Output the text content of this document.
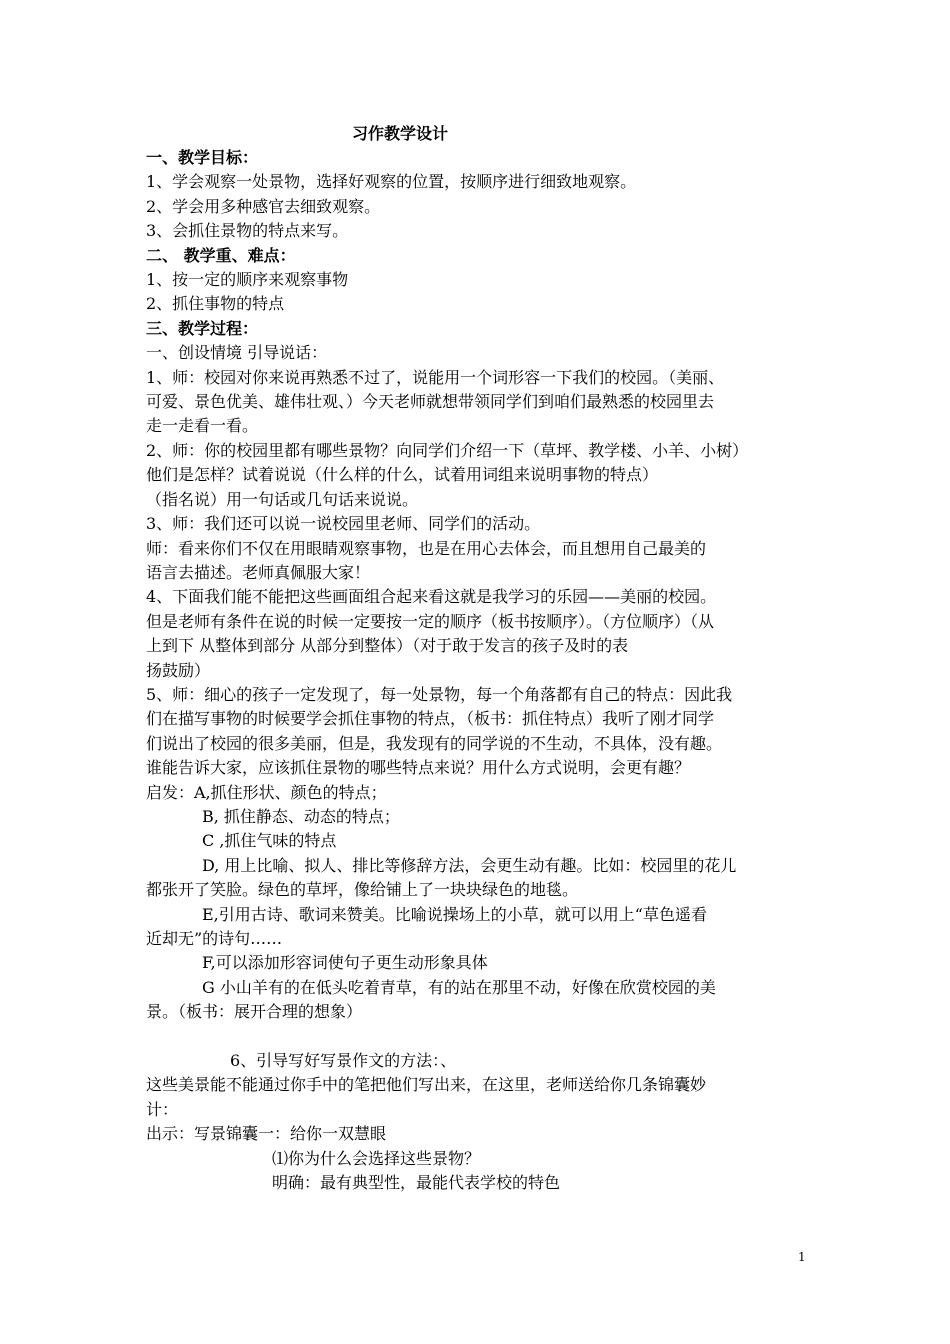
习作教学设计
一、教学目标：
1、学会观察一处景物，选择好观察的位置，按顺序进行细致地观察。
2、学会用多种感官去细致观察。
3、会抓住景物的特点来写。
二、 教学重、难点：
1、按一定的顺序来观察事物
2、抓住事物的特点
三、教学过程：
一、创设情境 引导说话：
1、师：校园对你来说再熟悉不过了，说能用一个词形容一下我们的校园。（美丽、
可爱、景色优美、雄伟壮观、）今天老师就想带领同学们到咱们最熟悉的校园里去
走一走看一看。
2、师：你的校园里都有哪些景物？向同学们介绍一下（草坪、教学楼、小羊、小树）
他们是怎样？试着说说（什么样的什么，试着用词组来说明事物的特点）
（指名说）用一句话或几句话来说说。
3、师：我们还可以说一说校园里老师、同学们的活动。
师：看来你们不仅在用眼睛观察事物，也是在用心去体会，而且想用自己最美的
语言去描述。老师真佩服大家！
4、下面我们能不能把这些画面组合起来看这就是我学习的乐园——美丽的校园。
但是老师有条件在说的时候一定要按一定的顺序（板书按顺序）。（方位顺序）（从
上到下 从整体到部分 从部分到整体）（对于敢于发言的孩子及时的表
扬鼓励）
5、师：细心的孩子一定发现了，每一处景物，每一个角落都有自己的特点：因此我
们在描写事物的时候要学会抓住事物的特点，（板书：抓住特点）我听了刚才同学
们说出了校园的很多美丽，但是，我发现有的同学说的不生动，不具体，没有趣。
谁能告诉大家，应该抓住景物的哪些特点来说？用什么方式说明，会更有趣？
启发：A,抓住形状、颜色的特点；
B, 抓住静态、动态的特点；
C ,抓住气味的特点
D, 用上比喻、拟人、排比等修辞方法，会更生动有趣。比如：校园里的花儿
都张开了笑脸。绿色的草坪，像给铺上了一块块绿色的地毯。
E,引用古诗、歌词来赞美。比喻说操场上的小草，就可以用上“草色遥看
近却无”的诗句……
F,可以添加形容词使句子更生动形象具体
G 小山羊有的在低头吃着青草，有的站在那里不动，好像在欣赏校园的美
景。（板书：展开合理的想象）
6、引导写好写景作文的方法：、
这些美景能不能通过你手中的笔把他们写出来，在这里，老师送给你几条锦囊妙
计：
出示：写景锦囊一：给你一双慧眼
⑴你为什么会选择这些景物？
明确：最有典型性，最能代表学校的特色
1
